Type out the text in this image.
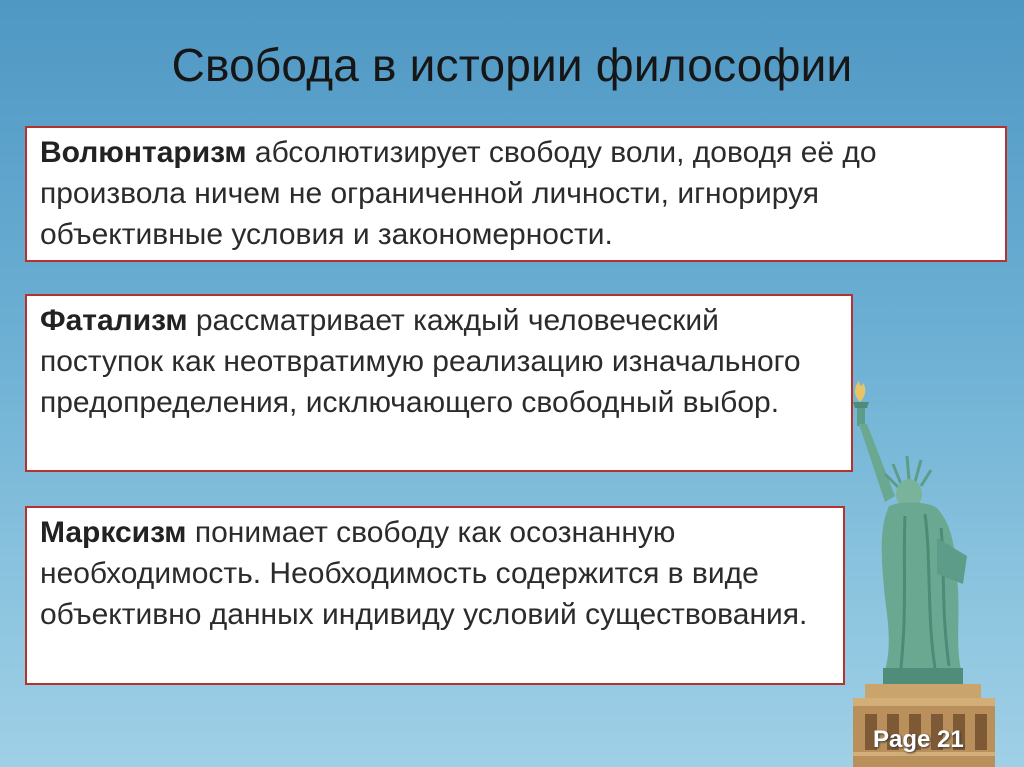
Свобода в истории философии
Волюнтаризм абсолютизирует свободу воли, доводя её до произвола ничем не ограниченной личности, игнорируя объективные условия и закономерности.
Фатализм рассматривает каждый человеческий поступок как неотвратимую реализацию изначального предопределения, исключающего свободный выбор.
Марксизм понимает свободу как осознанную необходимость. Необходимость содержится в виде объективно данных индивиду условий существования.
Page 21
